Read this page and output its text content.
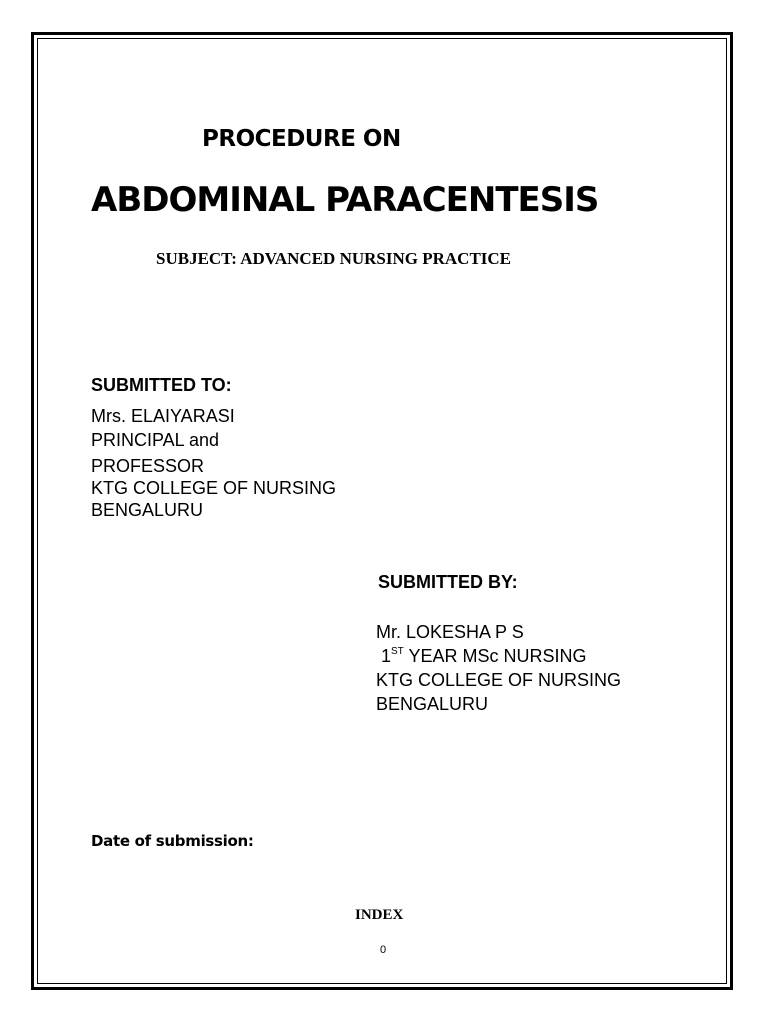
PROCEDURE ON
ABDOMINAL PARACENTESIS
SUBJECT: ADVANCED NURSING PRACTICE
SUBMITTED TO:
Mrs. ELAIYARASI
PRINCIPAL and
PROFESSOR
KTG COLLEGE OF NURSING
BENGALURU
SUBMITTED BY:
Mr. LOKESHA P S
1ST YEAR MSc NURSING
KTG COLLEGE OF NURSING
BENGALURU
Date of submission:
INDEX
0
